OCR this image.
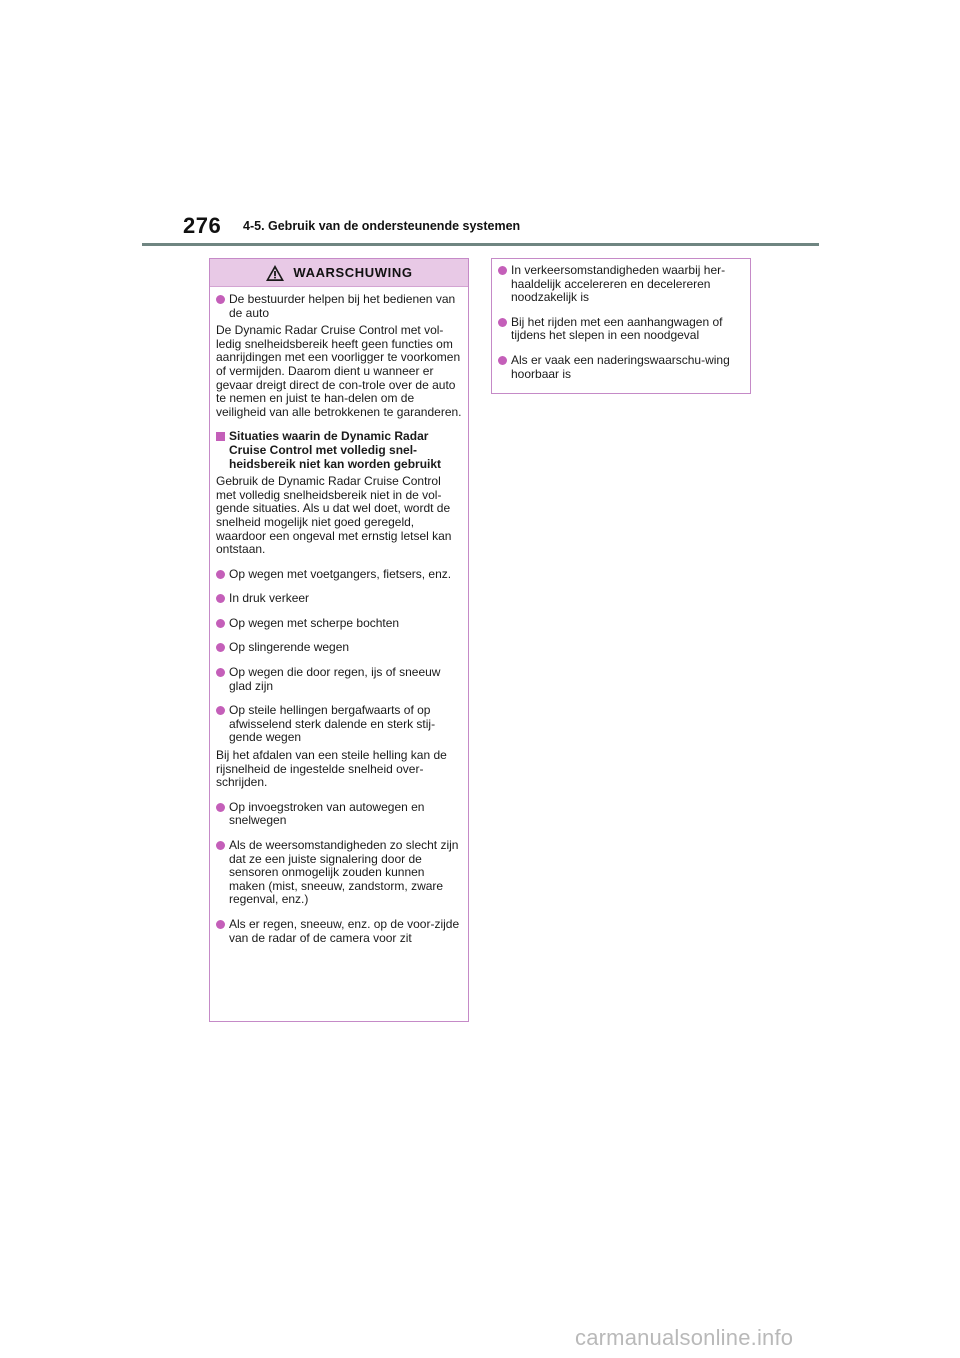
276 4-5. Gebruik van de ondersteunende systemen
WAARSCHUWING
De bestuurder helpen bij het bedienen van de auto

De Dynamic Radar Cruise Control met vol-ledig snelheidsbereik heeft geen functies om aanrijdingen met een voorligger te voorkomen of vermijden. Daarom dient u wanneer er gevaar dreigt direct de con-trole over de auto te nemen en juist te han-delen om de veiligheid van alle betrokkenen te garanderen.

Situaties waarin de Dynamic Radar Cruise Control met volledig snel-heidsbereik niet kan worden gebruikt

Gebruik de Dynamic Radar Cruise Control met volledig snelheidsbereik niet in de vol-gende situaties. Als u dat wel doet, wordt de snelheid mogelijk niet goed geregeld, waardoor een ongeval met ernstig letsel kan ontstaan.

Op wegen met voetgangers, fietsers, enz.
In druk verkeer
Op wegen met scherpe bochten
Op slingerende wegen
Op wegen die door regen, ijs of sneeuw glad zijn
Op steile hellingen bergafwaarts of op afwisselend sterk dalende en sterk stij-gende wegen

Bij het afdalen van een steile helling kan de rijsnelheid de ingestelde snelheid over-schrijden.

Op invoegstroken van autowegen en snelwegen
Als de weersomstandigheden zo slecht zijn dat ze een juiste signalering door de sensoren onmogelijk zouden kunnen maken (mist, sneeuw, zandstorm, zware regenval, enz.)
Als er regen, sneeuw, enz. op de voor-zijde van de radar of de camera voor zit
In verkeersomstandigheden waarbij her-haaldelijk accelereren en decelereren noodzakelijk is
Bij het rijden met een aanhangwagen of tijdens het slepen in een noodgeval
Als er vaak een naderingswaarschu-wing hoorbaar is
carmanualsonline.info
